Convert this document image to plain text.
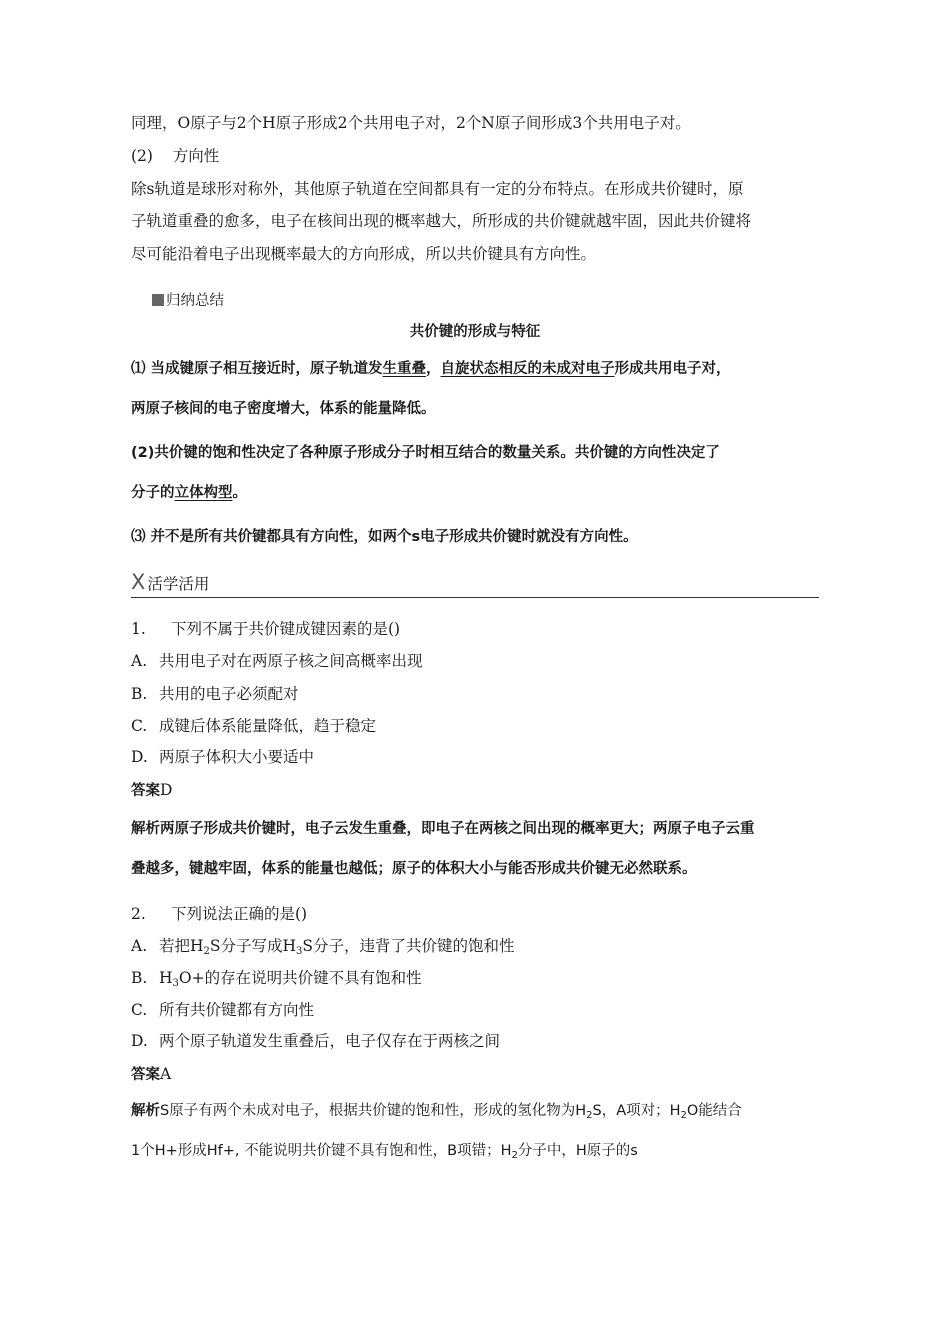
同理，O原子与2个H原子形成2个共用电子对，2个N原子间形成3个共用电子对。
(2) 方向性
除s轨道是球形对称外，其他原子轨道在空间都具有一定的分布特点。在形成共价键时，原
子轨道重叠的愈多，电子在核间出现的概率越大，所形成的共价键就越牢固，因此共价键将
尽可能沿着电子出现概率最大的方向形成，所以共价键具有方向性。
归纳总结
共价键的形成与特征
⑴ 当成键原子相互接近时，原子轨道发生重叠，自旋状态相反的未成对电子形成共用电子对，
两原子核间的电子密度增大，体系的能量降低。
(2)共价键的饱和性决定了各种原子形成分子时相互结合的数量关系。共价键的方向性决定了
分子的立体构型。
⑶ 并不是所有共价键都具有方向性，如两个s电子形成共价键时就没有方向性。
X 活学活用
1. 下列不属于共价键成键因素的是()
A. 共用电子对在两原子核之间高概率出现
B. 共用的电子必须配对
C. 成键后体系能量降低，趋于稳定
D. 两原子体积大小要适中
答案D
解析两原子形成共价键时，电子云发生重叠，即电子在两核之间出现的概率更大；两原子电子云重
叠越多，键越牢固，体系的能量也越低；原子的体积大小与能否形成共价键无必然联系。
2. 下列说法正确的是()
A. 若把$H_2S$分子写成$H_3S$分子，违背了共价键的饱和性
B. $H_3O+$的存在说明共价键不具有饱和性
C. 所有共价键都有方向性
D. 两个原子轨道发生重叠后，电子仅存在于两核之间
答案A
解析S原子有两个未成对电子，根据共价键的饱和性，形成的氢化物为$H_2S$，A项对；$H_2O$能结合
1个H+形成Hf+, 不能说明共价键不具有饱和性，B项错；$H_2$分子中，H原子的s
